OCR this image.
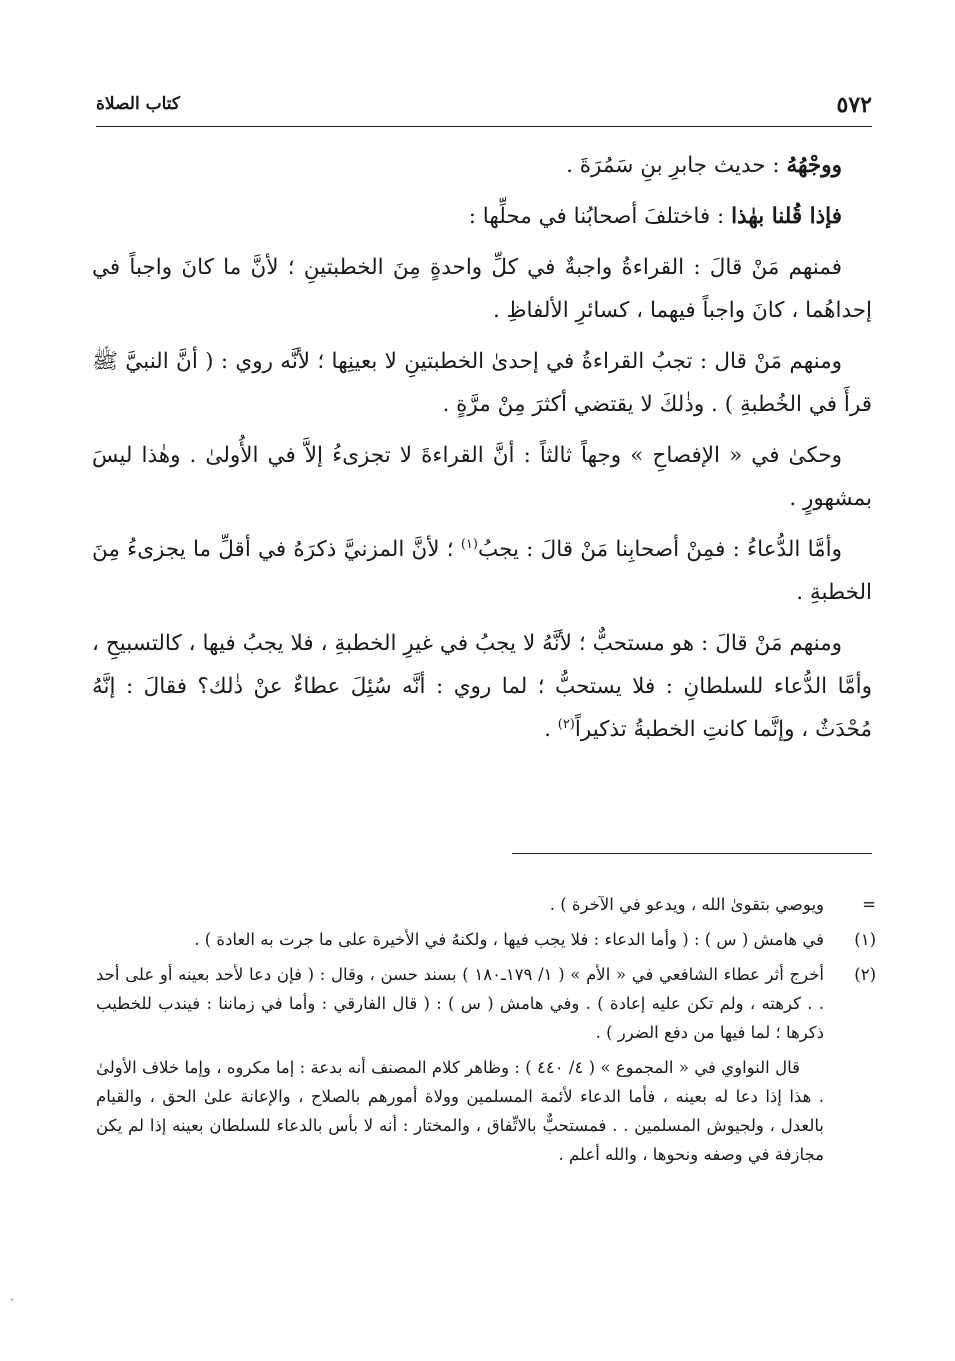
٥٧٢
كتاب الصلاة

ووجْهُهُ : حديث جابرِ بنِ سَمُرَةَ .

فإذا قُلنا بهٰذا : فاختلفَ أصحابُنا في محلِّها :

فمنهم مَنْ قالَ : القراءةُ واجبةٌ في كلِّ واحدةٍ مِنَ الخطبتينِ ؛ لأنَّ ما كانَ واجباً في إحداهُما ، كانَ واجباً فيهما ، كسائرِ الألفاظِ .

ومنهم مَنْ قال : تجبُ القراءةُ في إحدىٰ الخطبتينِ لا بعينِها ؛ لأنَّه روي : ( أنَّ النبيَّ ﷺ قرأَ في الخُطبةِ ) . وذٰلكَ لا يقتضي أكثرَ مِنْ مرَّةٍ .

وحكىٰ في « الإفصاحِ » وجهاً ثالثاً : أنَّ القراءةَ لا تجزىءُ إلاَّ في الأُولىٰ . وهٰذا ليسَ بمشهورٍ .

وأمَّا الدُّعاءُ : فمِنْ أصحابِنا مَنْ قالَ : يجبُ$^{(١)}$ ؛ لأنَّ المزنيَّ ذكرَهُ في أقلِّ ما يجزىءُ مِنَ الخطبةِ .

ومنهم مَنْ قالَ : هو مستحبٌّ ؛ لأنَّهُ لا يجبُ في غيرِ الخطبةِ ، فلا يجبُ فيها ، كالتسبيحِ ، وأمَّا الدُّعاء للسلطانِ : فلا يستحبُّ ؛ لما روي : أنَّه سُئِلَ عطاءٌ عنْ ذٰلك؟ فقالَ : إنَّهُ مُحْدَثٌ ، وإنَّما كانتِ الخطبةُ تذكيراً$^{(٢)}$ .

=
ويوصي بتقوىٰ الله ، ويدعو في الآخرة ) .
(١)
في هامش ( س ) : ( وأما الدعاء : فلا يجب فيها ، ولكنهُ في الأخيرة على ما جرت به العادة ) .
(٢)
أخرج أثر عطاء الشافعي في « الأم » ( ١/ ١٧٩ـ١٨٠ ) بسند حسن ، وقال : ( فإن دعا لأحد بعينه أو على أحد . . كرهته ، ولم تكن عليه إعادة ) . وفي هامش ( س ) : ( قال الفارقي : وأما في زماننا : فيندب للخطيب ذكرها ؛ لما فيها من دفع الضرر ) .

قال النواوي في « المجموع » ( ٤/ ٤٤٠ ) : وظاهر كلام المصنف أنه بدعة : إما مكروه ، وإما خلاف الأولىٰ . هذا إذا دعا له بعينه ، فأما الدعاء لأئمة المسلمين وولاة أمورهم بالصلاح ، والإعانة علىٰ الحق ، والقيام بالعدل ، ولجيوش المسلمين . . فمستحبٌّ بالاتِّفاق ، والمختار : أنه لا بأس بالدعاء للسلطان بعينه إذا لم يكن مجازفة في وصفه ونحوها ، والله أعلم .

،
